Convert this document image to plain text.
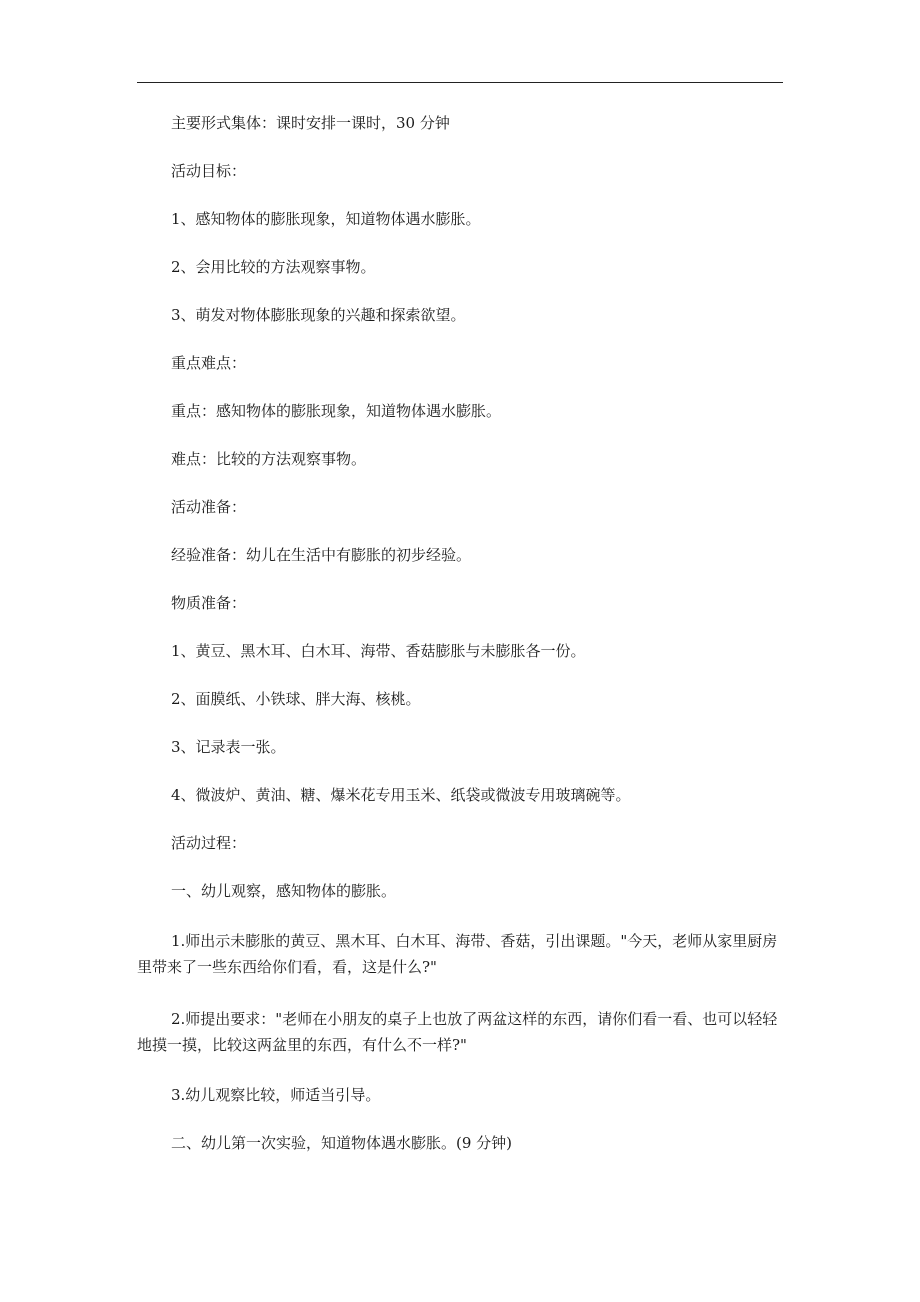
主要形式集体：课时安排一课时，30 分钟

活动目标：

1、感知物体的膨胀现象，知道物体遇水膨胀。

2、会用比较的方法观察事物。

3、萌发对物体膨胀现象的兴趣和探索欲望。

重点难点：

重点：感知物体的膨胀现象，知道物体遇水膨胀。

难点：比较的方法观察事物。

活动准备：

经验准备：幼儿在生活中有膨胀的初步经验。

物质准备：

1、黄豆、黑木耳、白木耳、海带、香菇膨胀与未膨胀各一份。

2、面膜纸、小铁球、胖大海、核桃。

3、记录表一张。

4、微波炉、黄油、糖、爆米花专用玉米、纸袋或微波专用玻璃碗等。

活动过程：

一、幼儿观察，感知物体的膨胀。

1.师出示未膨胀的黄豆、黑木耳、白木耳、海带、香菇，引出课题。"今天，老师从家里厨房里带来了一些东西给你们看，看，这是什么?"

2.师提出要求："老师在小朋友的桌子上也放了两盆这样的东西，请你们看一看、也可以轻轻地摸一摸，比较这两盆里的东西，有什么不一样?"

3.幼儿观察比较，师适当引导。

二、幼儿第一次实验，知道物体遇水膨胀。(9 分钟)
